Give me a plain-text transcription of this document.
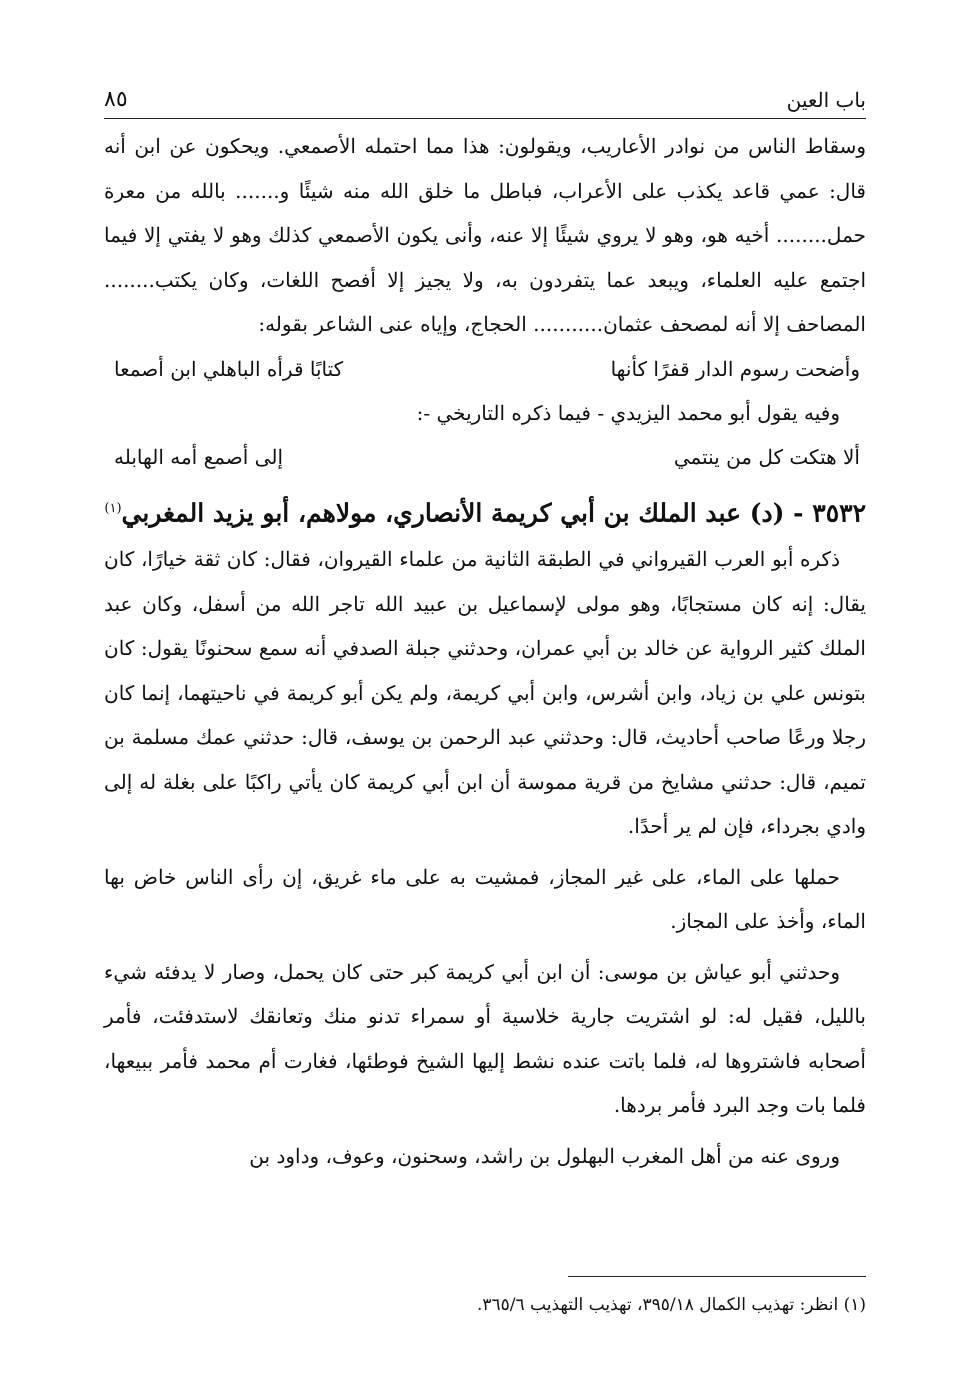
باب العين
٨٥

وسقاط الناس من نوادر الأعاريب، ويقولون: هذا مما احتمله الأصمعي. ويحكون عن ابن أنه قال: عمي قاعد يكذب على الأعراب، فباطل ما خلق الله منه شيئًا و....... بالله من معرة حمل........ أخيه هو، وهو لا يروي شيئًا إلا عنه، وأنى يكون الأصمعي كذلك وهو لا يفتي إلا فيما اجتمع عليه العلماء، ويبعد عما يتفردون به، ولا يجيز إلا أفصح اللغات، وكان يكتب........ المصاحف إلا أنه لمصحف عثمان........... الحجاج، وإياه عنى الشاعر بقوله:

وأضحت رسوم الدار قفرًا كأنها
كتابًا قرأه الباهلي ابن أصمعا

وفيه يقول أبو محمد اليزيدي - فيما ذكره التاريخي -:

ألا هتكت كل من ينتمي
إلى أصمع أمه الهابله
٣٥٣٢ - (د) عبد الملك بن أبي كريمة الأنصاري، مولاهم، أبو يزيد المغربي$^{(١)}$

ذكره أبو العرب القيرواني في الطبقة الثانية من علماء القيروان، فقال: كان ثقة خيارًا، كان يقال: إنه كان مستجابًا، وهو مولى لإسماعيل بن عبيد الله تاجر الله من أسفل، وكان عبد الملك كثير الرواية عن خالد بن أبي عمران، وحدثني جبلة الصدفي أنه سمع سحنونًا يقول: كان بتونس علي بن زياد، وابن أشرس، وابن أبي كريمة، ولم يكن أبو كريمة في ناحيتهما، إنما كان رجلا ورعًا صاحب أحاديث، قال: وحدثني عبد الرحمن بن يوسف، قال: حدثني عمك مسلمة بن تميم، قال: حدثني مشايخ من قرية مموسة أن ابن أبي كريمة كان يأتي راكبًا على بغلة له إلى وادي بجرداء، فإن لم ير أحدًا.

حملها على الماء، على غير المجاز، فمشيت به على ماء غريق، إن رأى الناس خاض بها الماء، وأخذ على المجاز.

وحدثني أبو عياش بن موسى: أن ابن أبي كريمة كبر حتى كان يحمل، وصار لا يدفئه شيء بالليل، فقيل له: لو اشتريت جارية خلاسية أو سمراء تدنو منك وتعانقك لاستدفئت، فأمر أصحابه فاشتروها له، فلما باتت عنده نشط إليها الشيخ فوطئها، فغارت أم محمد فأمر ببيعها، فلما بات وجد البرد فأمر بردها.

وروى عنه من أهل المغرب البهلول بن راشد، وسحنون، وعوف، وداود بن

(١) انظر: تهذيب الكمال ٣٩٥/١٨، تهذيب التهذيب ٣٦٥/٦.
